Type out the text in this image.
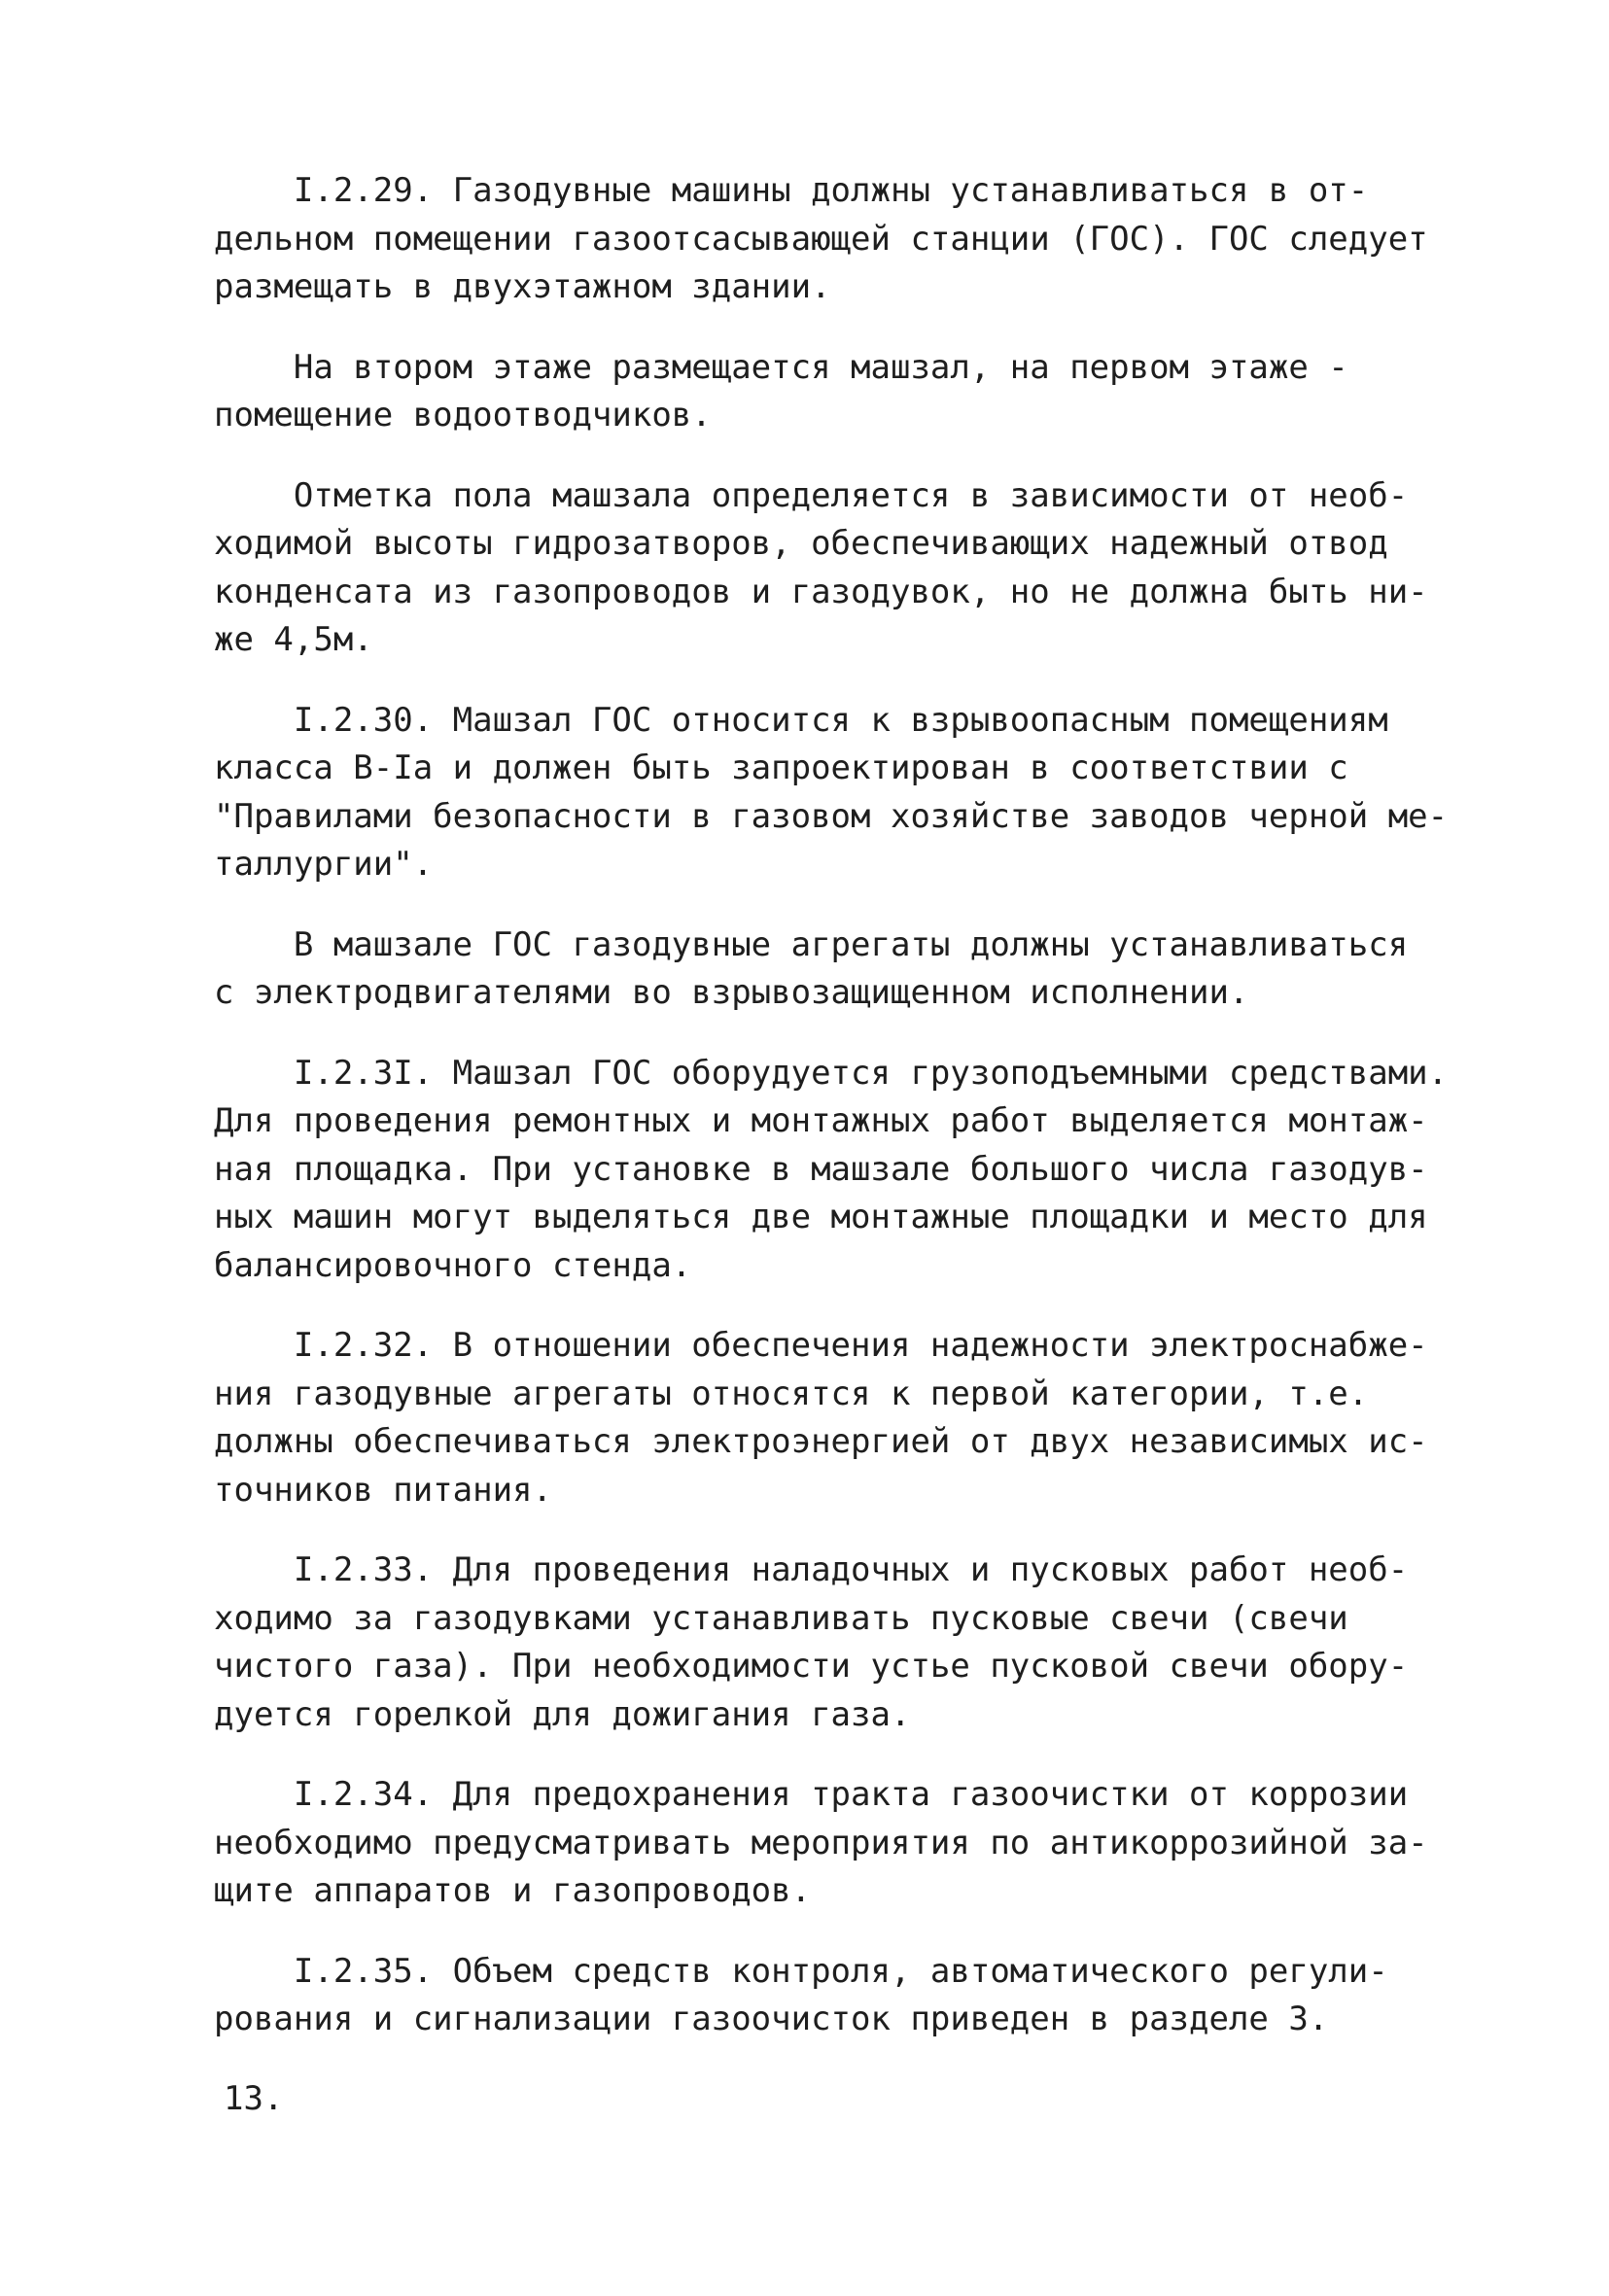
I.2.29. Газодувные машины должны устанавливаться в от-
дельном помещении газоотсасывающей станции (ГОС). ГОС следует
размещать в двухэтажном здании.

На втором этаже размещается машзал, на первом этаже -
помещение водоотводчиков.

Отметка пола машзала определяется в зависимости от необ-
ходимой высоты гидрозатворов, обеспечивающих надежный отвод
конденсата из газопроводов и газодувок, но не должна быть ни-
же 4,5м.

I.2.30. Машзал ГОС относится к взрывоопасным помещениям
класса В-Iа и должен быть запроектирован в соответствии с
"Правилами безопасности в газовом хозяйстве заводов черной ме-
таллургии".

В машзале ГОС газодувные агрегаты должны устанавливаться
с электродвигателями во взрывозащищенном исполнении.

I.2.3I. Машзал ГОС оборудуется грузоподъемными средствами.
Для проведения ремонтных и монтажных работ выделяется монтаж-
ная площадка. При установке в машзале большого числа газодув-
ных машин могут выделяться две монтажные площадки и место для
балансировочного стенда.

I.2.32. В отношении обеспечения надежности электроснабже-
ния газодувные агрегаты относятся к первой категории, т.е.
должны обеспечиваться электроэнергией от двух независимых ис-
точников питания.

I.2.33. Для проведения наладочных и пусковых работ необ-
ходимо за газодувками устанавливать пусковые свечи (свечи
чистого газа). При необходимости устье пусковой свечи обору-
дуется горелкой для дожигания газа.

I.2.34. Для предохранения тракта газоочистки от коррозии
необходимо предусматривать мероприятия по антикоррозийной за-
щите аппаратов и газопроводов.

I.2.35. Объем средств контроля, автоматического регули-
рования и сигнализации газоочисток приведен в разделе 3.

13.
